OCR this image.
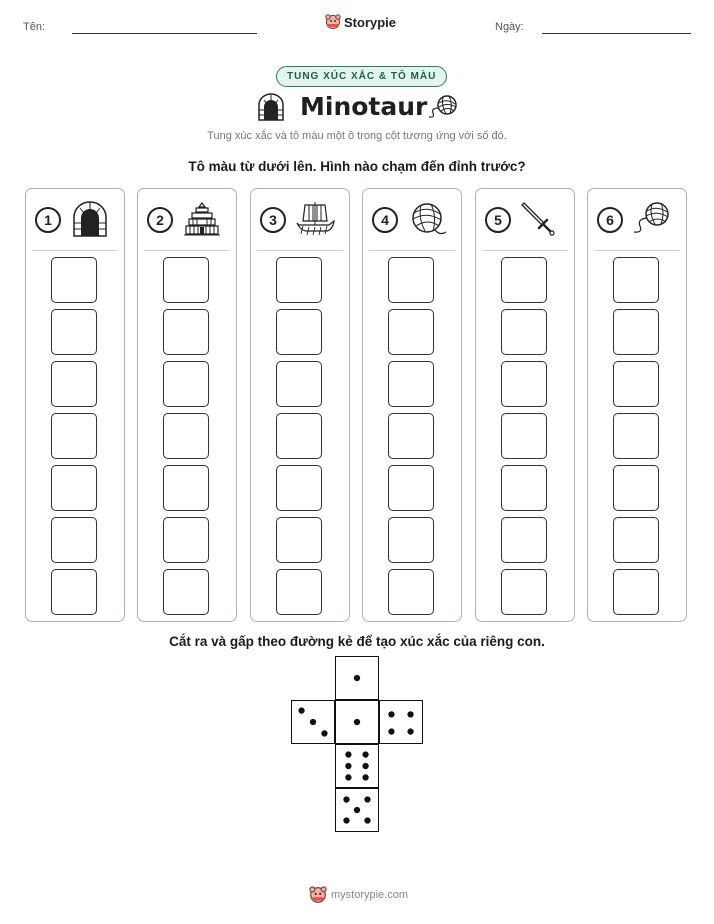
Tên:	Storypie	Ngày:
TUNG XÚC XẮC & TÔ MÀU
Minotaur
Tung xúc xắc và tô màu một ô trong cột tương ứng với số đó.
Tô màu từ dưới lên. Hình nào chạm đến đỉnh trước?
1	2	3	4	5	6
Cắt ra và gấp theo đường kẻ để tạo xúc xắc của riêng con.
mystorypie.com
